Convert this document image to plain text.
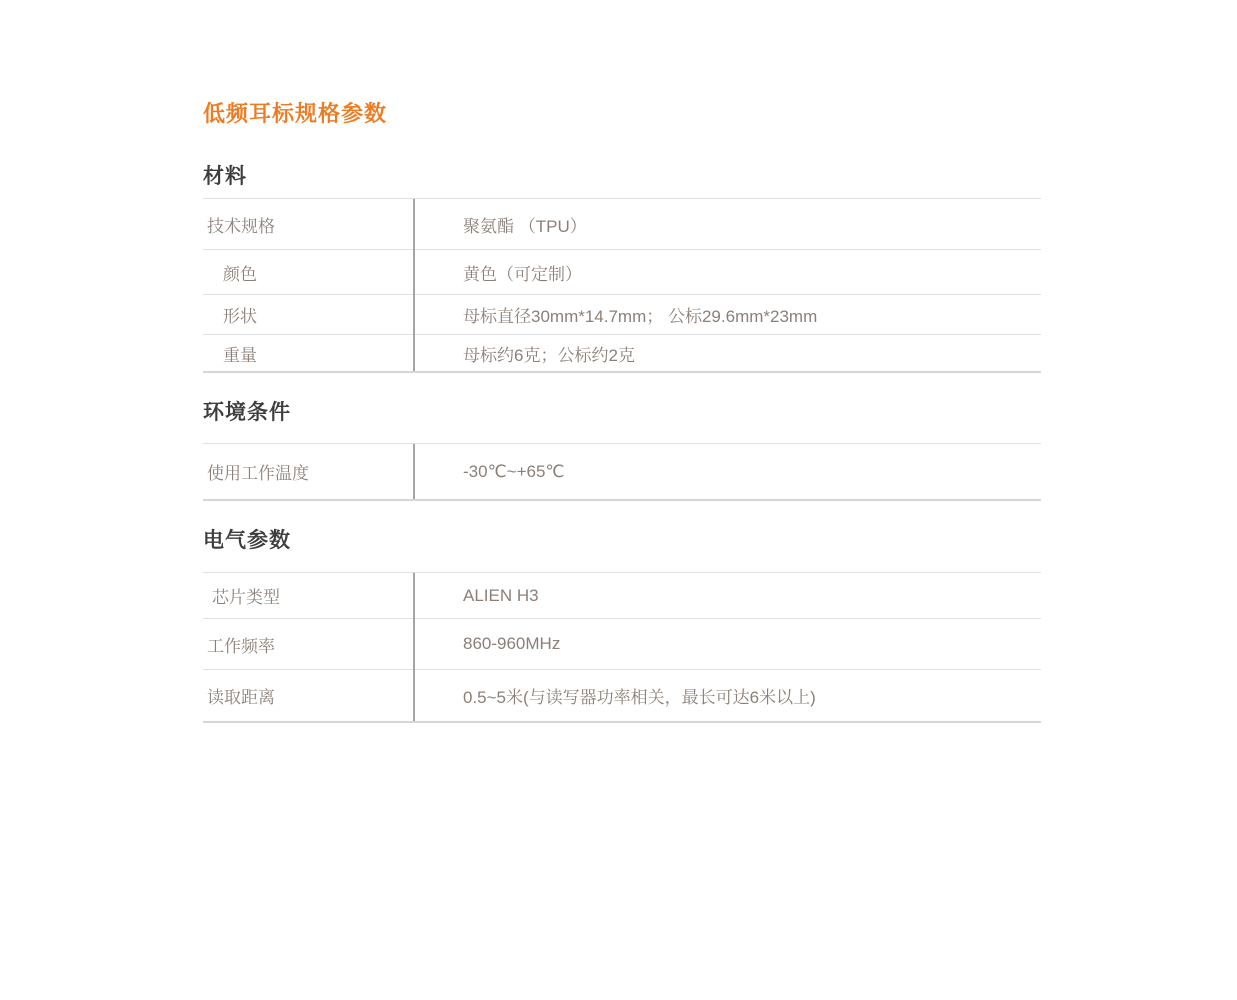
低频耳标规格参数
材料
技术规格	聚氨酯 （TPU）
颜色	黄色（可定制）
形状	母标直径30mm*14.7mm； 公标29.6mm*23mm
重量	母标约6克；公标约2克
环境条件
使用工作温度	-30℃~+65℃
电气参数
芯片类型	ALIEN H3
工作频率	860-960MHz
读取距离	0.5~5米(与读写器功率相关，最长可达6米以上)
